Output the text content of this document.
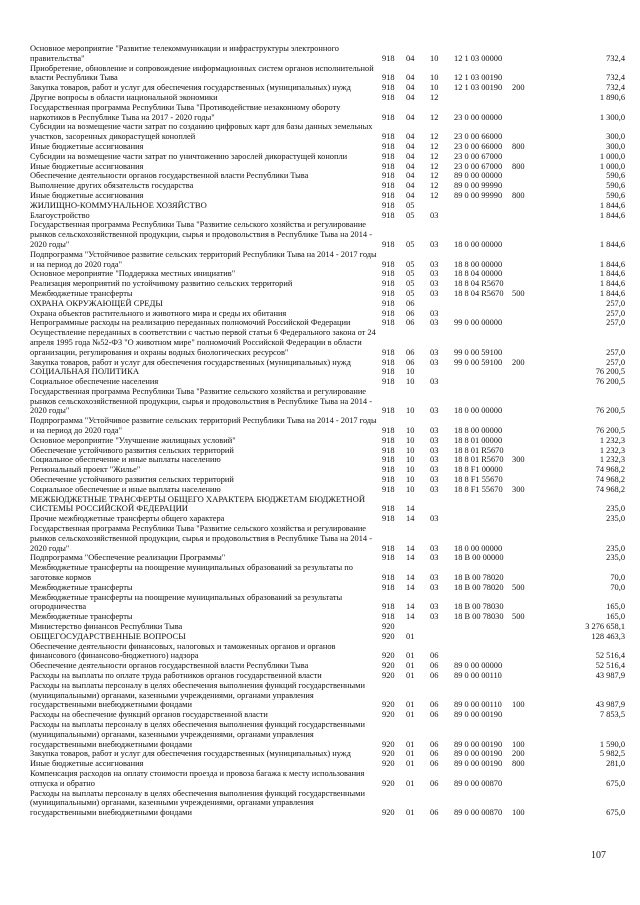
Основное мероприятие "Развитие телекоммуникации и инфраструктуры электронного правительства"	918	04	10	12 1 03 00000		732,4
Приобретение, обновление и сопровождение информационных систем органов исполнительной власти Республики Тыва	918	04	10	12 1 03 00190		732,4
Закупка товаров, работ и услуг для обеспечения государственных (муниципальных) нужд	918	04	10	12 1 03 00190	200	732,4
Другие вопросы в области национальной экономики	918	04	12			1 890,6
Государственная программа Республики Тыва "Противодействие незаконному обороту наркотиков в Республике Тыва на 2017 - 2020 годы"	918	04	12	23 0 00 00000		1 300,0
Субсидии на возмещение части затрат по созданию цифровых карт для базы данных земельных участков, засоренных дикорастущей коноплей	918	04	12	23 0 00 66000		300,0
Иные бюджетные ассигнования	918	04	12	23 0 00 66000	800	300,0
Субсидии на возмещение части затрат по уничтожению зарослей дикорастущей конопли	918	04	12	23 0 00 67000		1 000,0
Иные бюджетные ассигнования	918	04	12	23 0 00 67000	800	1 000,0
Обеспечение деятельности органов государственной власти Республики Тыва	918	04	12	89 0 00 00000		590,6
Выполнение других обязательств государства	918	04	12	89 0 00 99990		590,6
Иные бюджетные ассигнования	918	04	12	89 0 00 99990	800	590,6
ЖИЛИЩНО-КОММУНАЛЬНОЕ ХОЗЯЙСТВО	918	05				1 844,6
Благоустройство	918	05	03			1 844,6
Государственная программа Республики Тыва "Развитие сельского хозяйства и регулирование рынков сельскохозяйственной продукции, сырья и продовольствия в Республике Тыва на 2014 - 2020 годы"	918	05	03	18 0 00 00000		1 844,6
Подпрограмма "Устойчивое развитие сельских территорий Республики Тыва на 2014 - 2017 годы и на период до 2020 года"	918	05	03	18 8 00 00000		1 844,6
Основное мероприятие "Поддержка местных инициатив"	918	05	03	18 8 04 00000		1 844,6
Реализация мероприятий по устойчивому развитию сельских территорий	918	05	03	18 8 04 R5670		1 844,6
Межбюджетные трансферты	918	05	03	18 8 04 R5670	500	1 844,6
ОХРАНА ОКРУЖАЮЩЕЙ СРЕДЫ	918	06				257,0
Охрана объектов растительного и животного мира и среды их обитания	918	06	03			257,0
Непрограммные расходы на реализацию переданных полномочий Российской Федерации	918	06	03	99 0 00 00000		257,0
Осуществление переданных в соответствии с частью первой статьи 6 Федерального закона от 24 апреля 1995 года №52-ФЗ "О животном мире" полномочий Российской Федерации в области организации, регулирования и охраны водных биологических ресурсов"	918	06	03	99 0 00 59100		257,0
Закупка товаров, работ и услуг для обеспечения государственных (муниципальных) нужд	918	06	03	99 0 00 59100	200	257,0
СОЦИАЛЬНАЯ ПОЛИТИКА	918	10				76 200,5
Социальное обеспечение населения	918	10	03			76 200,5
Государственная программа Республики Тыва "Развитие сельского хозяйства и регулирование рынков сельскохозяйственной продукции, сырья и продовольствия в Республике Тыва на 2014 - 2020 годы"	918	10	03	18 0 00 00000		76 200,5
Подпрограмма "Устойчивое развитие сельских территорий Республики Тыва на 2014 - 2017 годы и на период до 2020 года"	918	10	03	18 8 00 00000		76 200,5
Основное мероприятие "Улучшение жилищных условий"	918	10	03	18 8 01 00000		1 232,3
Обеспечение устойчивого развития сельских территорий	918	10	03	18 8 01 R5670		1 232,3
Социальное обеспечение и иные выплаты населению	918	10	03	18 8 01 R5670	300	1 232,3
Региональный проект "Жилье"	918	10	03	18 8 F1 00000		74 968,2
Обеспечение устойчивого развития сельских территорий	918	10	03	18 8 F1 55670		74 968,2
Социальное обеспечение и иные выплаты населению	918	10	03	18 8 F1 55670	300	74 968,2
МЕЖБЮДЖЕТНЫЕ ТРАНСФЕРТЫ ОБЩЕГО ХАРАКТЕРА БЮДЖЕТАМ БЮДЖЕТНОЙ СИСТЕМЫ РОССИЙСКОЙ ФЕДЕРАЦИИ	918	14				235,0
Прочие межбюджетные трансферты общего характера	918	14	03			235,0
Государственная программа Республики Тыва "Развитие сельского хозяйства и регулирование рынков сельскохозяйственной продукции, сырья и продовольствия в Республике Тыва на 2014 - 2020 годы"	918	14	03	18 0 00 00000		235,0
Подпрограмма "Обеспечение реализации Программы"	918	14	03	18 В 00 00000		235,0
Межбюджетные трансферты на поощрение муниципальных образований за результаты по заготовке кормов	918	14	03	18 В 00 78020		70,0
Межбюджетные трансферты	918	14	03	18 В 00 78020	500	70,0
Межбюджетные трансферты на поощрение муниципальных образований за результаты огородничества	918	14	03	18 В 00 78030		165,0
Межбюджетные трансферты	918	14	03	18 В 00 78030	500	165,0
Министерство финансов Республики Тыва	920					3 276 658,1
ОБЩЕГОСУДАРСТВЕННЫЕ ВОПРОСЫ	920	01				128 463,3
Обеспечение деятельности финансовых, налоговых и таможенных органов и органов финансового (финансово-бюджетного) надзора	920	01	06			52 516,4
Обеспечение деятельности органов государственной власти Республики Тыва	920	01	06	89 0 00 00000		52 516,4
Расходы на выплаты по оплате труда работников органов государственной власти	920	01	06	89 0 00 00110		43 987,9
Расходы на выплаты персоналу в целях обеспечения выполнения функций государственными (муниципальными) органами, казенными учреждениями, органами управления государственными внебюджетными фондами	920	01	06	89 0 00 00110	100	43 987,9
Расходы на обеспечение функций органов государственной власти	920	01	06	89 0 00 00190		7 853,5
Расходы на выплаты персоналу в целях обеспечения выполнения функций государственными (муниципальными) органами, казенными учреждениями, органами управления государственными внебюджетными фондами	920	01	06	89 0 00 00190	100	1 590,0
Закупка товаров, работ и услуг для обеспечения государственных (муниципальных) нужд	920	01	06	89 0 00 00190	200	5 982,5
Иные бюджетные ассигнования	920	01	06	89 0 00 00190	800	281,0
Компенсация расходов на оплату стоимости проезда и провоза багажа к месту использования отпуска и обратно	920	01	06	89 0 00 00870		675,0
Расходы на выплаты персоналу в целях обеспечения выполнения функций государственными (муниципальными) органами, казенными учреждениями, органами управления государственными внебюджетными фондами	920	01	06	89 0 00 00870	100	675,0
107
